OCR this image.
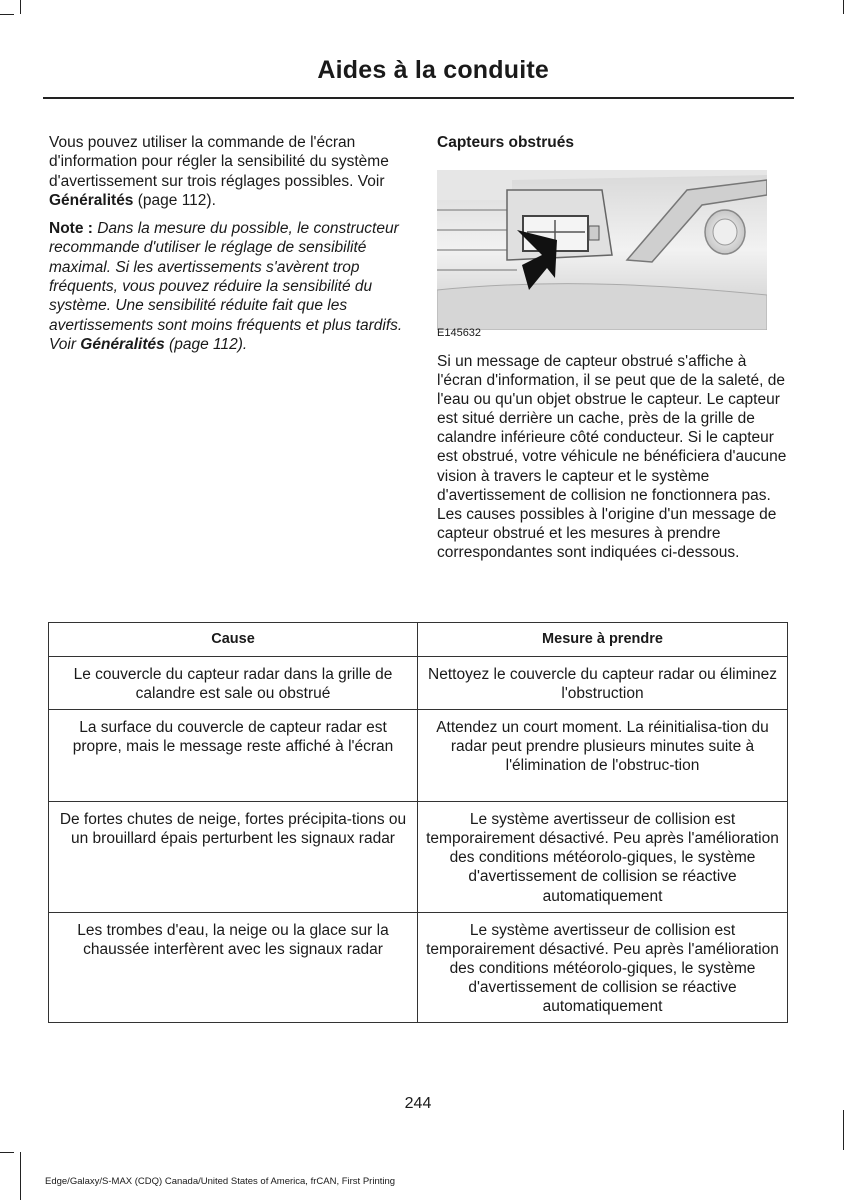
Aides à la conduite

Vous pouvez utiliser la commande de l'écran d'information pour régler la sensibilité du système d'avertissement sur trois réglages possibles. Voir Généralités (page 112).

Note : Dans la mesure du possible, le constructeur recommande d'utiliser le réglage de sensibilité maximal. Si les avertissements s'avèrent trop fréquents, vous pouvez réduire la sensibilité du système. Une sensibilité réduite fait que les avertissements sont moins fréquents et plus tardifs. Voir Généralités (page 112).

Capteurs obstrués
E145632
Si un message de capteur obstrué s'affiche à l'écran d'information, il se peut que de la saleté, de l'eau ou qu'un objet obstrue le capteur. Le capteur est situé derrière un cache, près de la grille de calandre inférieure côté conducteur. Si le capteur est obstrué, votre véhicule ne bénéficiera d'aucune vision à travers le capteur et le système d'avertissement de collision ne fonctionnera pas. Les causes possibles à l'origine d'un message de capteur obstrué et les mesures à prendre correspondantes sont indiquées ci-dessous.
Cause	Mesure à prendre
Le couvercle du capteur radar dans la grille de calandre est sale ou obstrué	Nettoyez le couvercle du capteur radar ou éliminez l'obstruction
La surface du couvercle de capteur radar est propre, mais le message reste affiché à l'écran	Attendez un court moment. La réinitialisa-tion du radar peut prendre plusieurs minutes suite à l'élimination de l'obstruc-tion
De fortes chutes de neige, fortes précipita-tions ou un brouillard épais perturbent les signaux radar	Le système avertisseur de collision est temporairement désactivé. Peu après l'amélioration des conditions météorolo-giques, le système d'avertissement de collision se réactive automatiquement
Les trombes d'eau, la neige ou la glace sur la chaussée interfèrent avec les signaux radar	Le système avertisseur de collision est temporairement désactivé. Peu après l'amélioration des conditions météorolo-giques, le système d'avertissement de collision se réactive automatiquement
244
Edge/Galaxy/S-MAX (CDQ) Canada/United States of America, frCAN, First Printing
